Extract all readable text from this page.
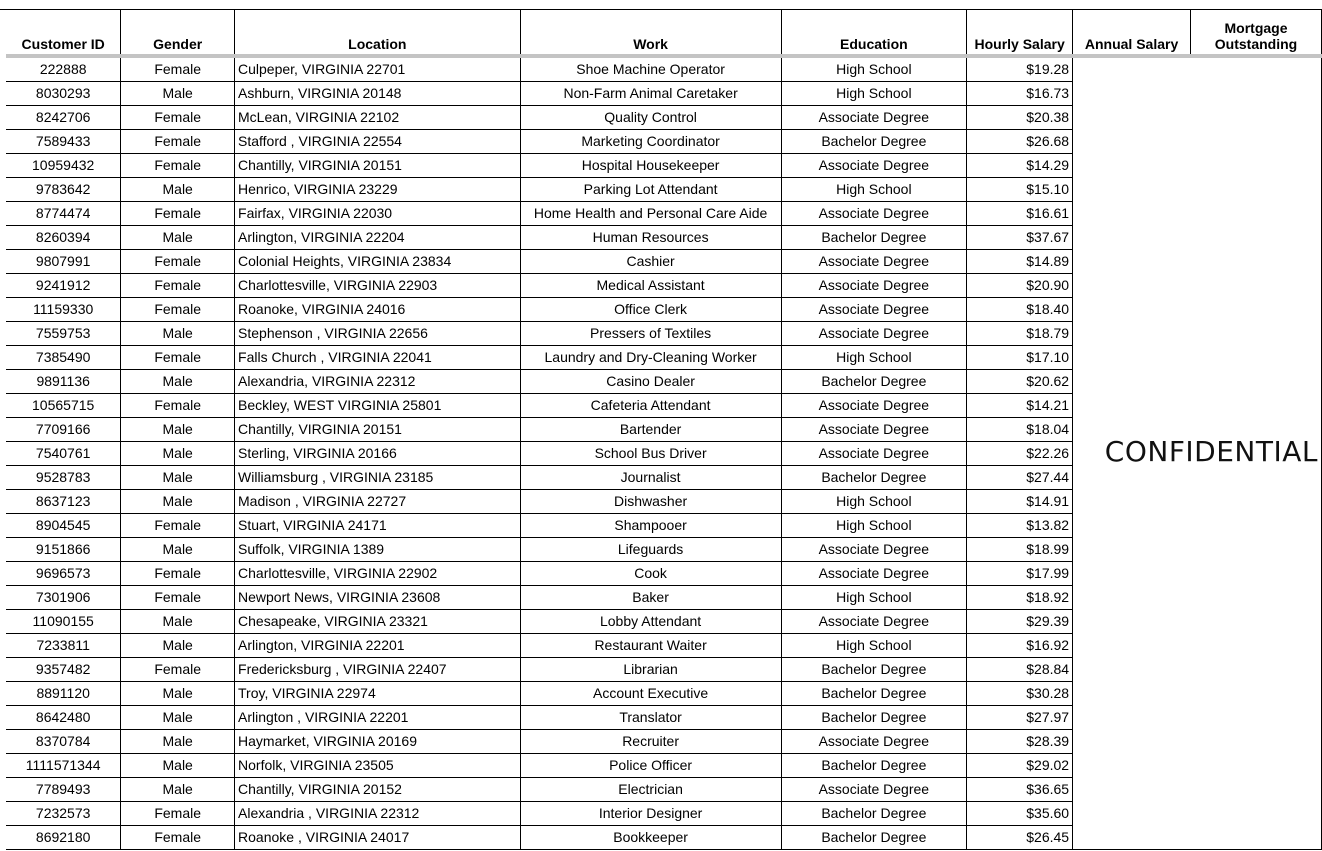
Customer ID	Gender	Location	Work	Education	Hourly Salary	Annual Salary	Mortgage
Outstanding
222888	Female	Culpeper, VIRGINIA 22701	Shoe Machine Operator	High School	$19.28	CONFIDENTIAL	
8030293	Male	Ashburn, VIRGINIA 20148	Non-Farm Animal Caretaker	High School	$16.73		
8242706	Female	McLean, VIRGINIA 22102	Quality Control	Associate Degree	$20.38		
7589433	Female	Stafford , VIRGINIA 22554	Marketing Coordinator	Bachelor Degree	$26.68		
10959432	Female	Chantilly, VIRGINIA 20151	Hospital Housekeeper	Associate Degree	$14.29		
9783642	Male	Henrico, VIRGINIA 23229	Parking Lot Attendant	High School	$15.10		
8774474	Female	Fairfax, VIRGINIA 22030	Home Health and Personal Care Aide	Associate Degree	$16.61		
8260394	Male	Arlington, VIRGINIA 22204	Human Resources	Bachelor Degree	$37.67		
9807991	Female	Colonial Heights, VIRGINIA 23834	Cashier	Associate Degree	$14.89		
9241912	Female	Charlottesville, VIRGINIA 22903	Medical Assistant	Associate Degree	$20.90		
11159330	Female	Roanoke, VIRGINIA 24016	Office Clerk	Associate Degree	$18.40		
7559753	Male	Stephenson , VIRGINIA 22656	Pressers of Textiles	Associate Degree	$18.79		
7385490	Female	Falls Church , VIRGINIA 22041	Laundry and Dry-Cleaning Worker	High School	$17.10		
9891136	Male	Alexandria, VIRGINIA 22312	Casino Dealer	Bachelor Degree	$20.62		
10565715	Female	Beckley, WEST VIRGINIA 25801	Cafeteria Attendant	Associate Degree	$14.21		
7709166	Male	Chantilly, VIRGINIA 20151	Bartender	Associate Degree	$18.04		
7540761	Male	Sterling, VIRGINIA 20166	School Bus Driver	Associate Degree	$22.26		
9528783	Male	Williamsburg , VIRGINIA 23185	Journalist	Bachelor Degree	$27.44		
8637123	Male	Madison , VIRGINIA 22727	Dishwasher	High School	$14.91		
8904545	Female	Stuart, VIRGINIA 24171	Shampooer	High School	$13.82		
9151866	Male	Suffolk, VIRGINIA 1389	Lifeguards	Associate Degree	$18.99		
9696573	Female	Charlottesville, VIRGINIA 22902	Cook	Associate Degree	$17.99		
7301906	Female	Newport News, VIRGINIA 23608	Baker	High School	$18.92		
11090155	Male	Chesapeake, VIRGINIA 23321	Lobby Attendant	Associate Degree	$29.39		
7233811	Male	Arlington, VIRGINIA 22201	Restaurant Waiter	High School	$16.92		
9357482	Female	Fredericksburg , VIRGINIA 22407	Librarian	Bachelor Degree	$28.84		
8891120	Male	Troy, VIRGINIA 22974	Account Executive	Bachelor Degree	$30.28		
8642480	Male	Arlington , VIRGINIA 22201	Translator	Bachelor Degree	$27.97		
8370784	Male	Haymarket, VIRGINIA 20169	Recruiter	Associate Degree	$28.39		
1111571344	Male	Norfolk, VIRGINIA 23505	Police Officer	Bachelor Degree	$29.02		
7789493	Male	Chantilly, VIRGINIA 20152	Electrician	Associate Degree	$36.65		
7232573	Female	Alexandria , VIRGINIA 22312	Interior Designer	Bachelor Degree	$35.60		
8692180	Female	Roanoke , VIRGINIA 24017	Bookkeeper	Bachelor Degree	$26.45		
